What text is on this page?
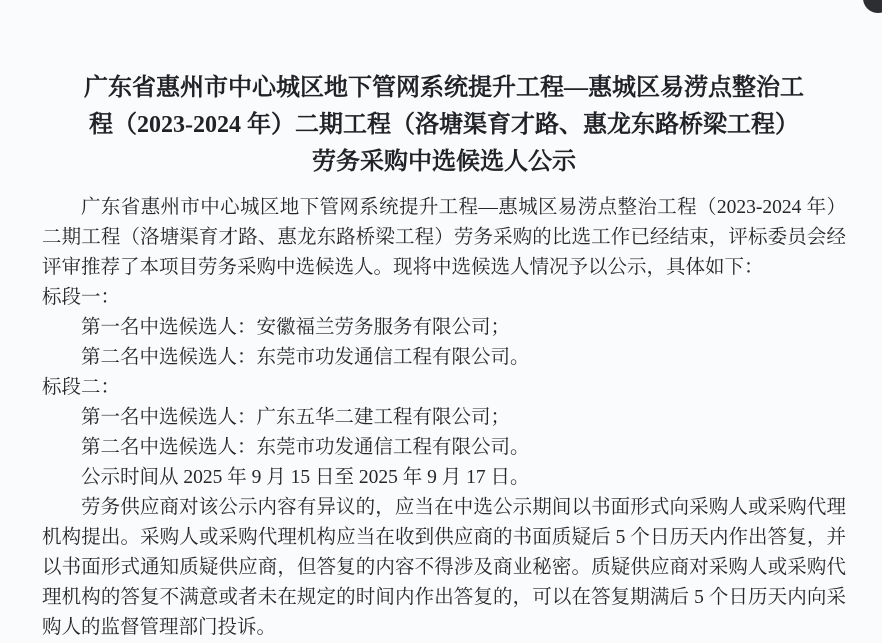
广东省惠州市中心城区地下管网系统提升工程—惠城区易涝点整治工程（2023-2024 年）二期工程（洛塘渠育才路、惠龙东路桥梁工程）劳务采购中选候选人公示

广东省惠州市中心城区地下管网系统提升工程—惠城区易涝点整治工程（2023-2024 年）二期工程（洛塘渠育才路、惠龙东路桥梁工程）劳务采购的比选工作已经结束，评标委员会经评审推荐了本项目劳务采购中选候选人。现将中选候选人情况予以公示，具体如下：

标段一：

第一名中选候选人：安徽福兰劳务服务有限公司；

第二名中选候选人：东莞市功发通信工程有限公司。

标段二：

第一名中选候选人：广东五华二建工程有限公司；

第二名中选候选人：东莞市功发通信工程有限公司。

公示时间从 2025 年 9 月 15 日至 2025 年 9 月 17 日。

劳务供应商对该公示内容有异议的，应当在中选公示期间以书面形式向采购人或采购代理机构提出。采购人或采购代理机构应当在收到供应商的书面质疑后 5 个日历天内作出答复，并以书面形式通知质疑供应商，但答复的内容不得涉及商业秘密。质疑供应商对采购人或采购代理机构的答复不满意或者未在规定的时间内作出答复的，可以在答复期满后 5 个日历天内向采购人的监督管理部门投诉。
